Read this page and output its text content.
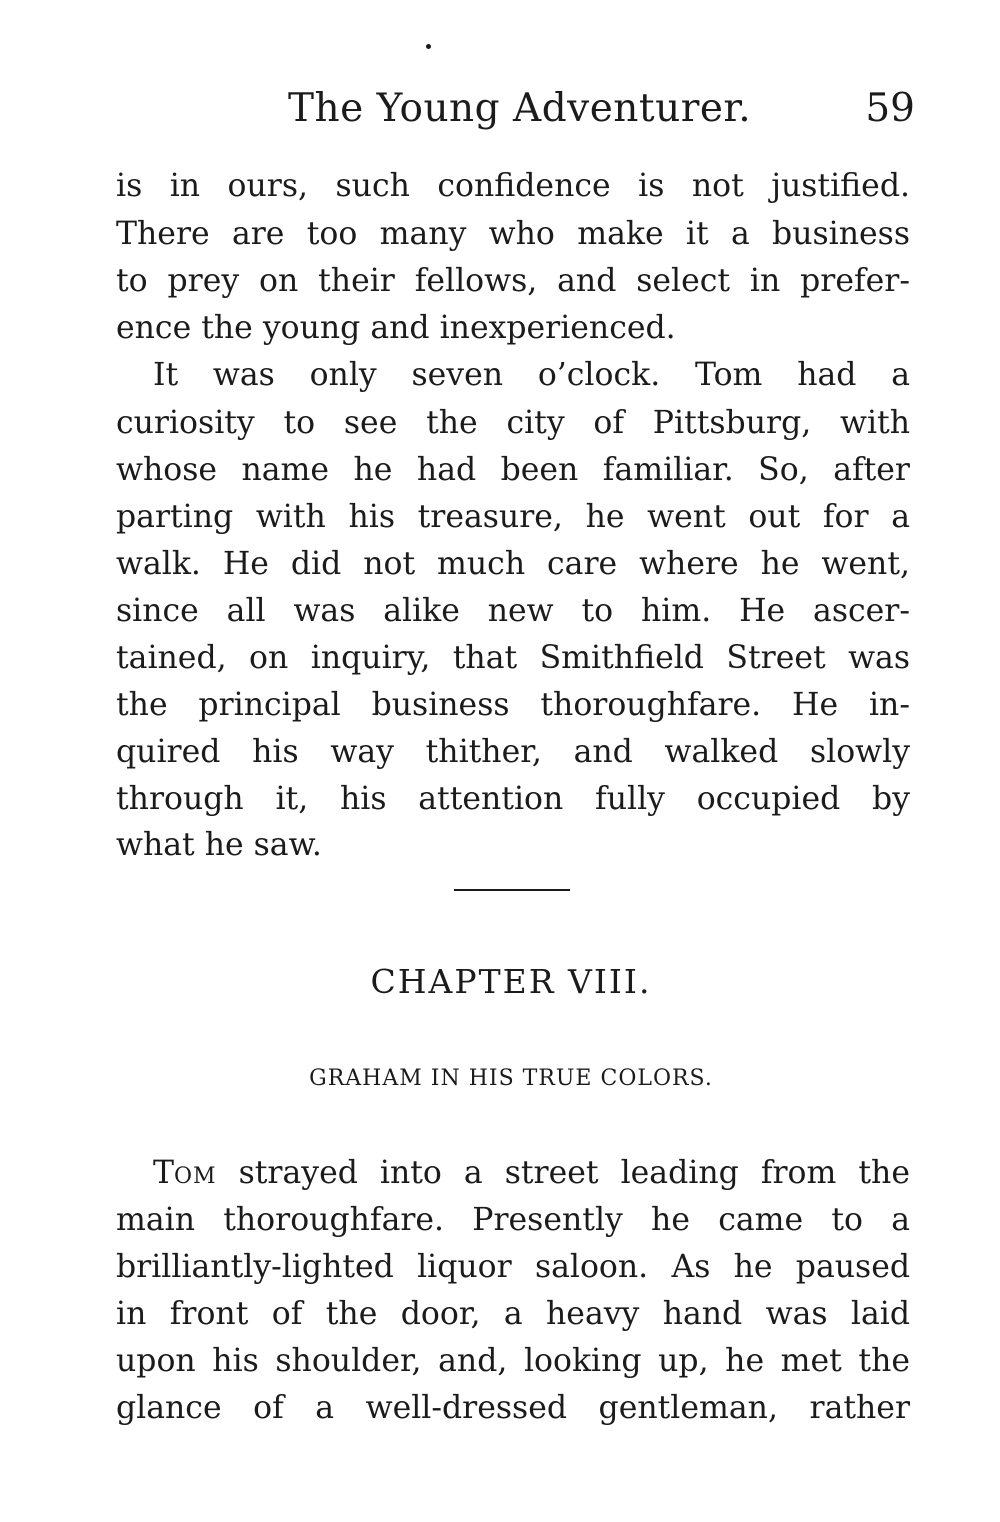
The Young Adventurer.	59
is in ours, such confidence is not justified.
There are too many who make it a business
to prey on their fellows, and select in prefer-
ence the young and inexperienced.
It was only seven o’clock. Tom had a
curiosity to see the city of Pittsburg, with
whose name he had been familiar. So, after
parting with his treasure, he went out for a
walk. He did not much care where he went,
since all was alike new to him. He ascer-
tained, on inquiry, that Smithfield Street was
the principal business thoroughfare. He in-
quired his way thither, and walked slowly
through it, his attention fully occupied by
what he saw.
CHAPTER VIII.
GRAHAM IN HIS TRUE COLORS.
TOM strayed into a street leading from the
main thoroughfare. Presently he came to a
brilliantly-lighted liquor saloon. As he paused
in front of the door, a heavy hand was laid
upon his shoulder, and, looking up, he met the
glance of a well-dressed gentleman, rather
